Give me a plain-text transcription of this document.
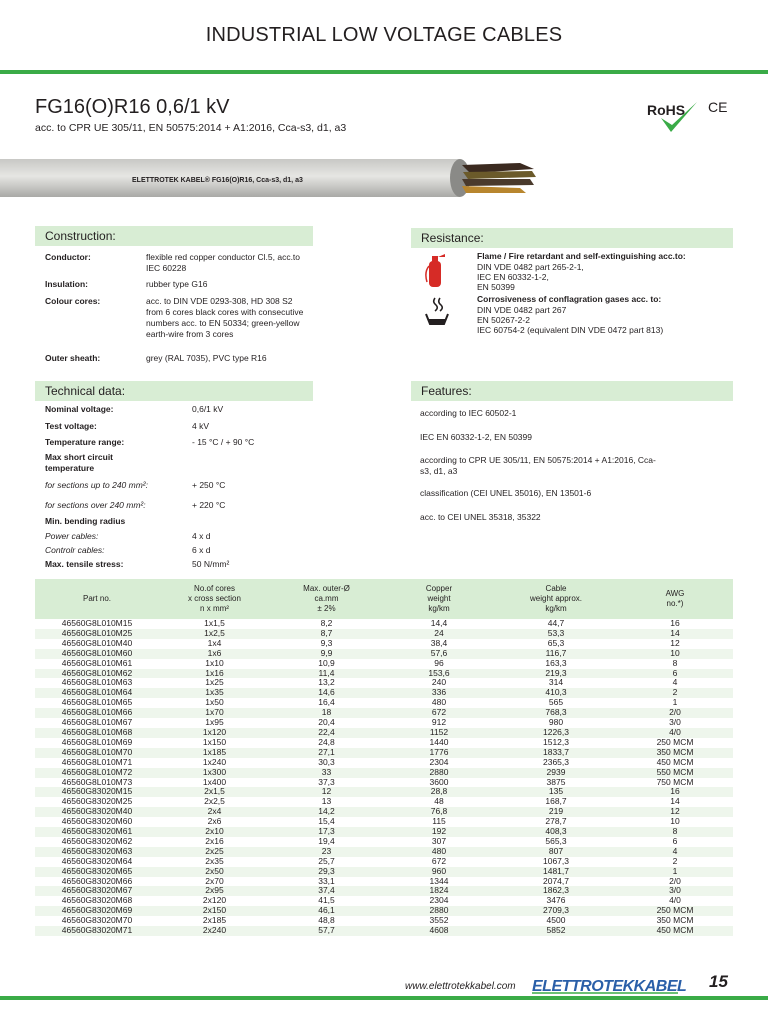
INDUSTRIAL LOW VOLTAGE CABLES
FG16(O)R16 0,6/1 kV
acc. to CPR UE 305/11, EN 50575:2014 + A1:2016, Cca-s3, d1, a3
RoHS CE
ELETTROTEK KABEL® FG16(O)R16, Cca-s3, d1, a3
Construction:
Conductor:	flexible red copper conductor Cl.5, acc.to IEC 60228
Insulation:	rubber type G16
Colour cores:	acc. to DIN VDE 0293-308, HD 308 S2 from 6 cores black cores with consecutive numbers acc. to EN 50334; green-yellow earth-wire from 3 cores
Outer sheath:	grey (RAL 7035), PVC type R16
Resistance:
Flame / Fire retardant and self-extinguishing acc.to:
DIN VDE 0482 part 265-2-1,
IEC EN 60332-1-2,
EN 50399
Corrosiveness of conflagration gases acc. to:
DIN VDE 0482 part 267
EN 50267-2-2
IEC 60754-2 (equivalent DIN VDE 0472 part 813)
Technical data:
Nominal voltage:	0,6/1 kV
Test voltage:	4 kV
Temperature range:	- 15 °C / + 90 °C
Max short circuit temperature
for sections up to 240 mm²:	+ 250 °C
for sections over 240 mm²:	+ 220 °C
Min. bending radius
Power cables:	4 x d
Controlr cables:	6 x d
Max. tensile stress:	50 N/mm²
Features:
according to IEC 60502-1
IEC EN 60332-1-2, EN 50399
according to CPR UE 305/11, EN 50575:2014 + A1:2016, Cca-s3, d1, a3
classification (CEI UNEL 35016), EN 13501-6
acc. to CEI UNEL 35318, 35322
Part no.	No.of cores
x cross section
n x mm²	Max. outer-Ø
ca.mm
± 2%	Copper
weight
kg/km	Cable
weight approx.
kg/km	AWG
no.*)
46560G8L010M15	1x1,5	8,2	14,4	44,7	16
46560G8L010M25	1x2,5	8,7	24	53,3	14
46560G8L010M40	1x4	9,3	38,4	65,3	12
46560G8L010M60	1x6	9,9	57,6	116,7	10
46560G8L010M61	1x10	10,9	96	163,3	8
46560G8L010M62	1x16	11,4	153,6	219,3	6
46560G8L010M63	1x25	13,2	240	314	4
46560G8L010M64	1x35	14,6	336	410,3	2
46560G8L010M65	1x50	16,4	480	565	1
46560G8L010M66	1x70	18	672	768,3	2/0
46560G8L010M67	1x95	20,4	912	980	3/0
46560G8L010M68	1x120	22,4	1152	1226,3	4/0
46560G8L010M69	1x150	24,8	1440	1512,3	250 MCM
46560G8L010M70	1x185	27,1	1776	1833,7	350 MCM
46560G8L010M71	1x240	30,3	2304	2365,3	450 MCM
46560G8L010M72	1x300	33	2880	2939	550 MCM
46560G8L010M73	1x400	37,3	3600	3875	750 MCM
46560G83020M15	2x1,5	12	28,8	135	16
46560G83020M25	2x2,5	13	48	168,7	14
46560G83020M40	2x4	14,2	76,8	219	12
46560G83020M60	2x6	15,4	115	278,7	10
46560G83020M61	2x10	17,3	192	408,3	8
46560G83020M62	2x16	19,4	307	565,3	6
46560G83020M63	2x25	23	480	807	4
46560G83020M64	2x35	25,7	672	1067,3	2
46560G83020M65	2x50	29,3	960	1481,7	1
46560G83020M66	2x70	33,1	1344	2074,7	2/0
46560G83020M67	2x95	37,4	1824	1862,3	3/0
46560G83020M68	2x120	41,5	2304	3476	4/0
46560G83020M69	2x150	46,1	2880	2709,3	250 MCM
46560G83020M70	2x185	48,8	3552	4500	350 MCM
46560G83020M71	2x240	57,7	4608	5852	450 MCM
www.elettrotekkabel.com ELETTROTEKKABEL 15
